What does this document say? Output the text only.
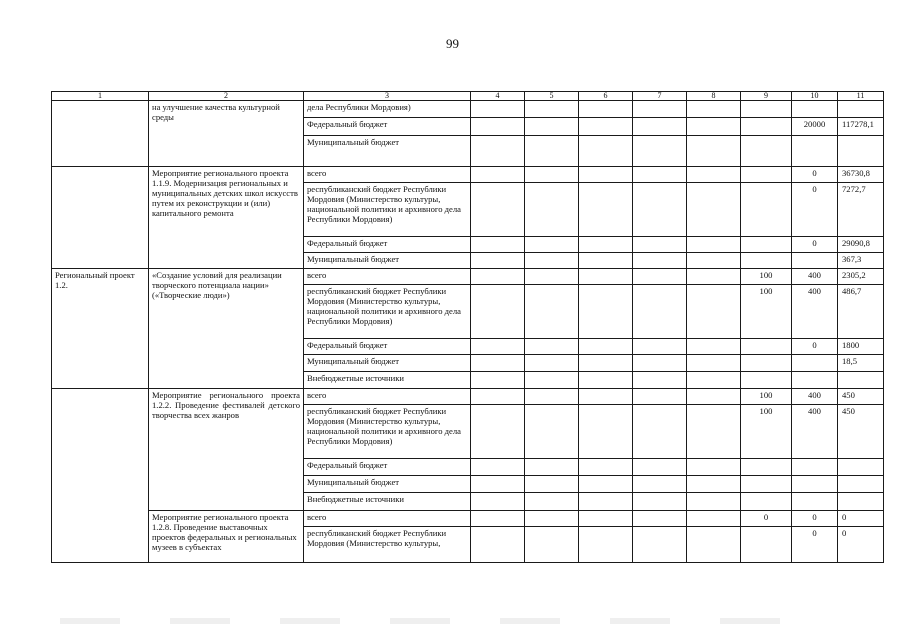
99
1	2	3	4	5	6	7	8	9	10	11
	на улучшение качества культурной среды	дела Республики Мордовия)								
		Федеральный бюджет							20000	117278,1
		Муниципальный бюджет								
	Мероприятие регионального проекта 1.1.9. Модернизация региональных и муниципальных детских школ искусств путем их реконструкции и (или) капитального ремонта	всего							0	36730,8
		республиканский бюджет Республики Мордовия (Министерство культуры, национальной политики и архивного дела Республики Мордовия)							0	7272,7
		Федеральный бюджет							0	29090,8
		Муниципальный бюджет								367,3
Региональный проект 1.2.	«Создание условий для реализации творческого потенциала нации» («Творческие люди»)	всего						100	400	2305,2
		республиканский бюджет Республики Мордовия (Министерство культуры, национальной политики и архивного дела Республики Мордовия)						100	400	486,7
		Федеральный бюджет							0	1800
		Муниципальный бюджет								18,5
		Внебюджетные источники								
	Мероприятие регионального проекта 1.2.2. Проведение фестивалей детского творчества всех жанров	всего						100	400	450
		республиканский бюджет Республики Мордовия (Министерство культуры, национальной политики и архивного дела Республики Мордовия)						100	400	450
		Федеральный бюджет								
		Муниципальный бюджет								
		Внебюджетные источники								
	Мероприятие регионального проекта 1.2.8. Проведение выставочных проектов федеральных и региональных музеев в субъектах	всего						0	0	0
		республиканский бюджет Республики Мордовия (Министерство культуры,							0	0
